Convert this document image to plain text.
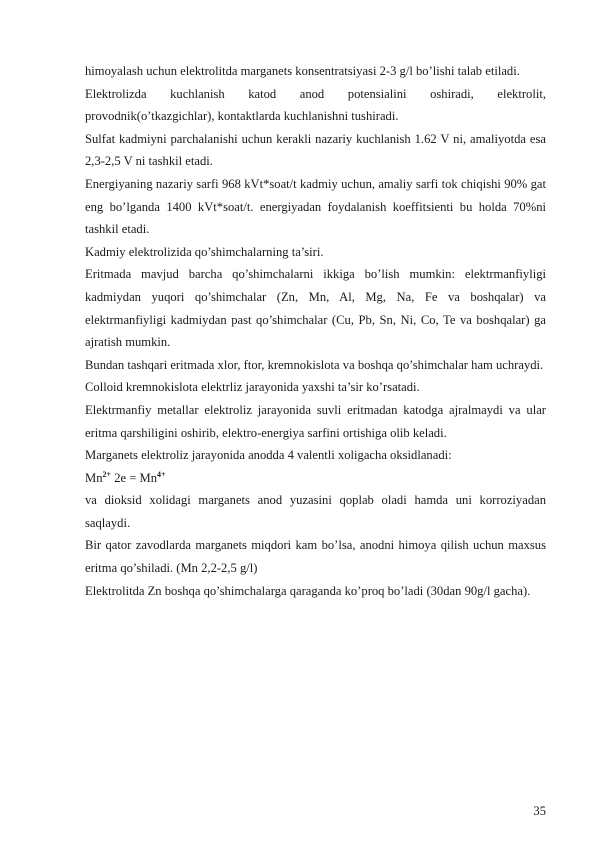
himoyalash uchun elektrolitda marganets konsentratsiyasi 2-3 g/l bo’lishi talab etiladi.

Elektrolizda kuchlanish katod anod potensialini oshiradi, elektrolit, provodnik(o’tkazgichlar), kontaktlarda kuchlanishni tushiradi.

Sulfat kadmiyni parchalanishi uchun kerakli nazariy kuchlanish 1.62 V ni, amaliyotda esa 2,3-2,5 V ni tashkil etadi.

Energiyaning nazariy sarfi 968 kVt*soat/t kadmiy uchun, amaliy sarfi tok chiqishi 90% gat eng bo’lganda 1400 kVt*soat/t. energiyadan foydalanish koeffitsienti bu holda 70%ni tashkil etadi.

Kadmiy elektrolizida qo’shimchalarning ta’siri.

Eritmada mavjud barcha qo’shimchalarni ikkiga bo’lish mumkin: elektrmanfiyligi kadmiydan yuqori qo’shimchalar (Zn, Mn, Al, Mg, Na, Fe va boshqalar) va elektrmanfiyligi kadmiydan past qo’shimchalar (Cu, Pb, Sn, Ni, Co, Te va boshqalar) ga ajratish mumkin.

Bundan tashqari eritmada xlor, ftor, kremnokislota va boshqa qo’shimchalar ham uchraydi.

Colloid kremnokislota elektrliz jarayonida yaxshi ta’sir ko’rsatadi.

Elektrmanfiy metallar elektroliz jarayonida suvli eritmadan katodga ajralmaydi va ular eritma qarshiligini oshirib, elektro-energiya sarfini ortishiga olib keladi.

Marganets elektroliz jarayonida anodda 4 valentli xoligacha oksidlanadi:

$Mn^{2+}$ $2e = Mn^{4+}$

va dioksid xolidagi marganets anod yuzasini qoplab oladi hamda uni korroziyadan saqlaydi.

Bir qator zavodlarda marganets miqdori kam bo’lsa, anodni himoya qilish uchun maxsus eritma qo’shiladi. (Mn 2,2-2,5 g/l)

Elektrolitda Zn boshqa qo’shimchalarga qaraganda ko’proq bo’ladi (30dan 90g/l gacha).

35
